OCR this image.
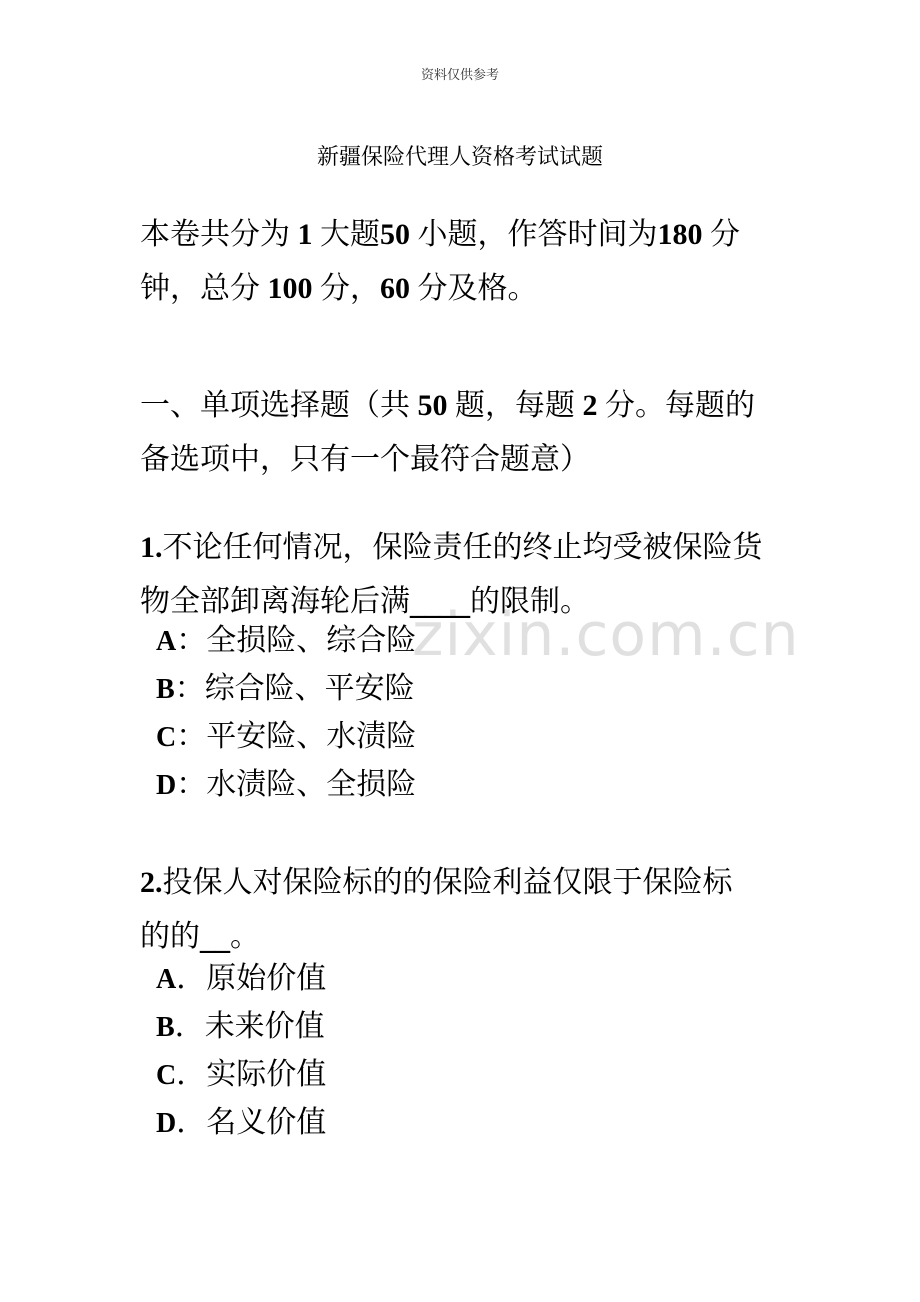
资料仅供参考
新疆保险代理人资格考试试题
本卷共分为 1 大题50 小题，作答时间为180 分
钟，总分 100 分，60 分及格。
一、单项选择题（共 50 题，每题 2 分。每题的
备选项中，只有一个最符合题意）
1.不论任何情况，保险责任的终止均受被保险货
物全部卸离海轮后满____的限制。
A ： 全损险、综合险
B ： 综合险、平安险
C ： 平安险、水渍险
D ： 水渍险、全损险
zixin.com.cn
2.投保人对保险标的的保险利益仅限于保险标
的的__。
A ． 原始价值
B ． 未来价值
C ． 实际价值
D ． 名义价值
